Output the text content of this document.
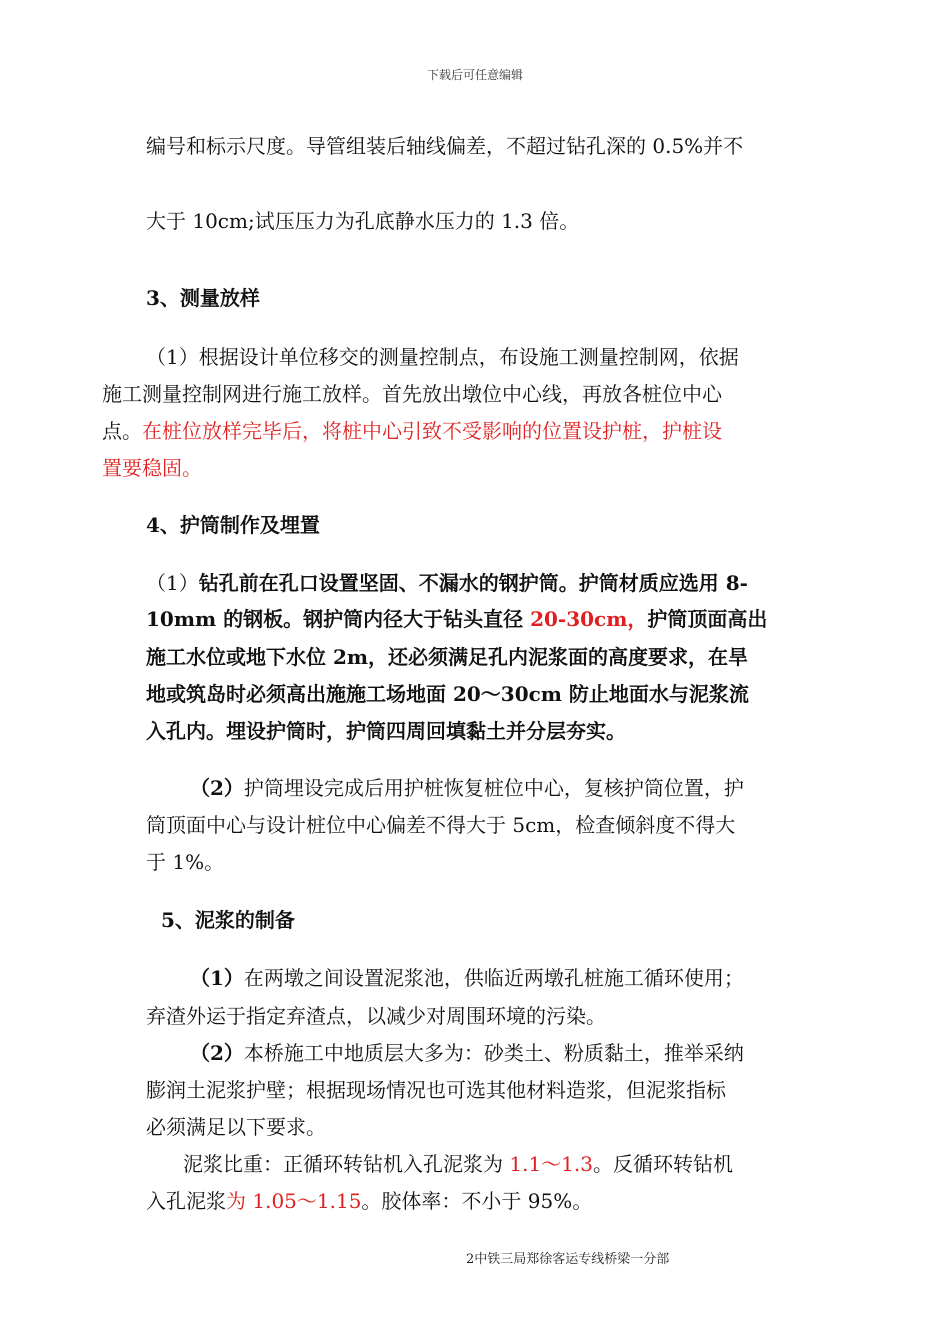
下载后可任意编辑
编号和标示尺度。导管组装后轴线偏差，不超过钻孔深的 0.5%并不
大于 10cm;试压压力为孔底静水压力的 1.3 倍。
3、测量放样
（1）根据设计单位移交的测量控制点，布设施工测量控制网，依据
施工测量控制网进行施工放样。首先放出墩位中心线，再放各桩位中心
点。在桩位放样完毕后，将桩中心引致不受影响的位置设护桩，护桩设
置要稳固。
4、护筒制作及埋置
（1）钻孔前在孔口设置坚固、不漏水的钢护筒。护筒材质应选用 8-
10mm 的钢板。钢护筒内径大于钻头直径 20-30cm，护筒顶面高出
施工水位或地下水位 2m，还必须满足孔内泥浆面的高度要求，在旱
地或筑岛时必须高出施施工场地面 20～30cm 防止地面水与泥浆流
入孔内。埋设护筒时，护筒四周回填黏土并分层夯实。
（2）护筒埋设完成后用护桩恢复桩位中心，复核护筒位置，护
筒顶面中心与设计桩位中心偏差不得大于 5cm，检查倾斜度不得大
于 1%。
5、泥浆的制备
（1）在两墩之间设置泥浆池，供临近两墩孔桩施工循环使用；
弃渣外运于指定弃渣点，以减少对周围环境的污染。
（2）本桥施工中地质层大多为：砂类土、粉质黏土，推举采纳
膨润土泥浆护壁；根据现场情况也可选其他材料造浆，但泥浆指标
必须满足以下要求。
泥浆比重：正循环转钻机入孔泥浆为 1.1～1.3。反循环转钻机
入孔泥浆为 1.05～1.15。胶体率：不小于 95%。
2中铁三局郑徐客运专线桥梁一分部
